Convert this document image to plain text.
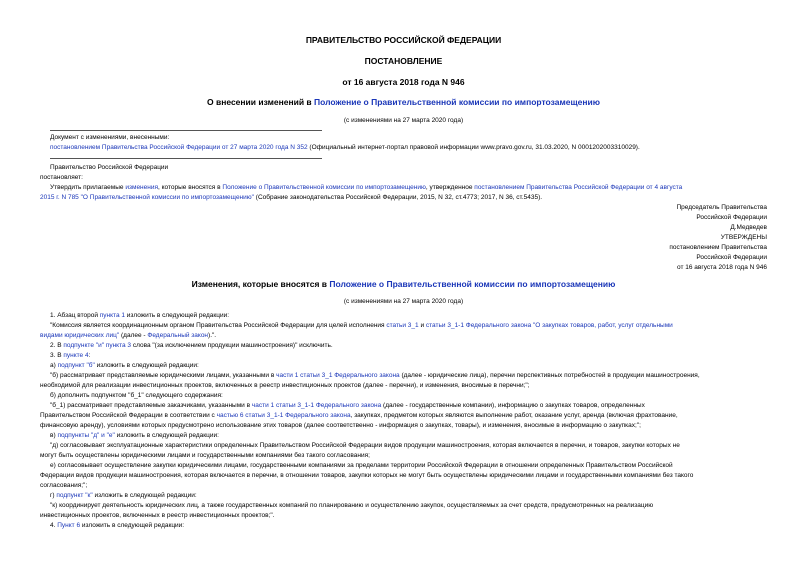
ПРАВИТЕЛЬСТВО РОССИЙСКОЙ ФЕДЕРАЦИИ
ПОСТАНОВЛЕНИЕ
от 16 августа 2018 года N 946
О внесении изменений в Положение о Правительственной комиссии по импортозамещению
(с изменениями на 27 марта 2020 года)
Документ с изменениями, внесенными:
постановлением Правительства Российской Федерации от 27 марта 2020 года N 352 (Официальный интернет-портал правовой информации www.pravo.gov.ru, 31.03.2020, N 0001202003310029).
Правительство Российской Федерации
постановляет:
Утвердить прилагаемые изменения, которые вносятся в Положение о Правительственной комиссии по импортозамещению, утвержденное постановлением Правительства Российской Федерации от 4 августа
2015 г. N 785 "О Правительственной комиссии по импортозамещению" (Собрание законодательства Российской Федерации, 2015, N 32, ст.4773; 2017, N 36, ст.5435).
Председатель Правительства
Российской Федерации
Д.Медведев
УТВЕРЖДЕНЫ
постановлением Правительства
Российской Федерации
от 16 августа 2018 года N 946
Изменения, которые вносятся в Положение о Правительственной комиссии по импортозамещению
(с изменениями на 27 марта 2020 года)
1. Абзац второй пункта 1 изложить в следующей редакции:
"Комиссия является координационным органом Правительства Российской Федерации для целей исполнения статьи 3_1 и статьи 3_1-1 Федерального закона "О закупках товаров, работ, услуг отдельными
видами юридических лиц" (далее - Федеральный закон).".
2. В подпункте "и" пункта 3 слова "(за исключением продукции машиностроения)" исключить.
3. В пункте 4:
а) подпункт "б" изложить в следующей редакции:
"б) рассматривает представляемые юридическими лицами, указанными в части 1 статьи 3_1 Федерального закона (далее - юридические лица), перечни перспективных потребностей в продукции машиностроения,
необходимой для реализации инвестиционных проектов, включенных в реестр инвестиционных проектов (далее - перечни), и изменения, вносимые в перечни;";
б) дополнить подпунктом "б_1" следующего содержания:
"б_1) рассматривает представляемые заказчиками, указанными в части 1 статьи 3_1-1 Федерального закона (далее - государственные компании), информацию о закупках товаров, определенных
Правительством Российской Федерации в соответствии с частью 6 статьи 3_1-1 Федерального закона, закупках, предметом которых являются выполнение работ, оказание услуг, аренда (включая фрахтование,
финансовую аренду), условиями которых предусмотрено использование этих товаров (далее соответственно - информация о закупках, товары), и изменения, вносимые в информацию о закупках;";
в) подпункты "д" и "е" изложить в следующей редакции:
"д) согласовывает эксплуатационные характеристики определенных Правительством Российской Федерации видов продукции машиностроения, которая включается в перечни, и товаров, закупки которых не
могут быть осуществлены юридическими лицами и государственными компаниями без такого согласования;
е) согласовывает осуществление закупки юридическими лицами, государственными компаниями за пределами территории Российской Федерации в отношении определенных Правительством Российской
Федерации видов продукции машиностроения, которая включается в перечни, в отношении товаров, закупки которых не могут быть осуществлены юридическими лицами и государственными компаниями без такого
согласования;";
г) подпункт "к" изложить в следующей редакции:
"к) координирует деятельность юридических лиц, а также государственных компаний по планированию и осуществлению закупок, осуществляемых за счет средств, предусмотренных на реализацию
инвестиционных проектов, включенных в реестр инвестиционных проектов;".
4. Пункт 6 изложить в следующей редакции:
